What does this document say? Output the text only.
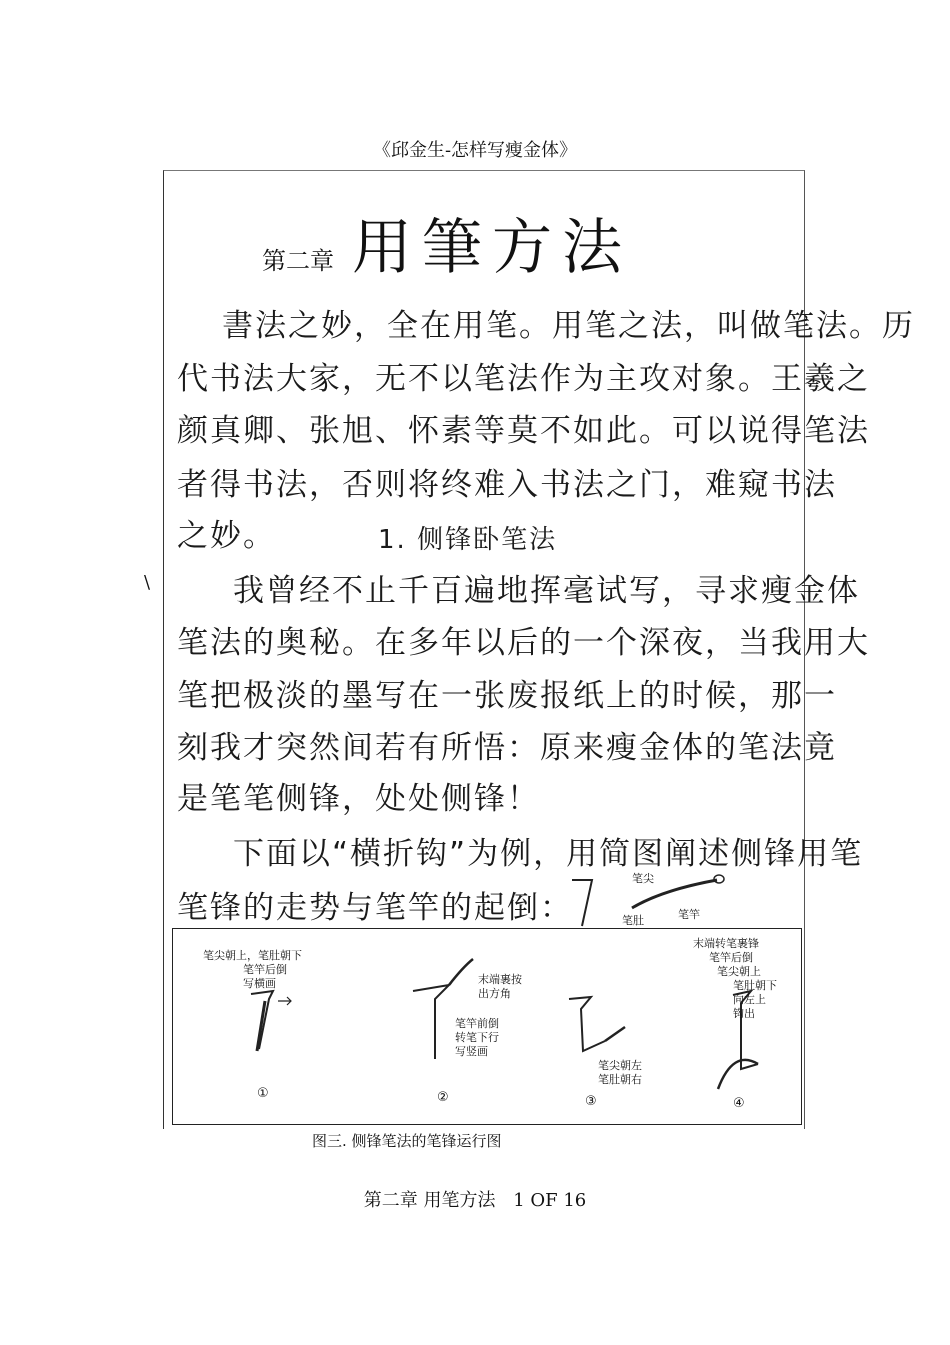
《邱金生-怎样写瘦金体》
第二章 用筆方法
書法之妙，全在用笔。用笔之法，叫做笔法。历
代书法大家，无不以笔法作为主攻对象。王羲之
颜真卿、张旭、怀素等莫不如此。可以说得笔法
者得书法，否则将终难入书法之门，难窥书法
之妙。	1. 侧锋卧笔法
\	我曾经不止千百遍地挥毫试写，寻求瘦金体
笔法的奥秘。在多年以后的一个深夜，当我用大
笔把极淡的墨写在一张废报纸上的时候，那一
刻我才突然间若有所悟：原来瘦金体的笔法竟
是笔笔侧锋，处处侧锋！
下面以“横折钩”为例，用简图阐述侧锋用笔
笔锋的走势与笔竿的起倒：
笔尖
笔肚	笔竿
笔尖朝上，笔肚朝下
笔竿后倒
写横画	末端裹按
出方角
笔竿前倒
转笔下行
写竖画
笔尖朝左
笔肚朝右
末端转笔裹锋
笔竿后倒
笔尖朝上
笔肚朝下
向左上
钩出
①	②	③	④
图三. 侧锋笔法的笔锋运行图
第二章 用笔方法 1 OF 16
